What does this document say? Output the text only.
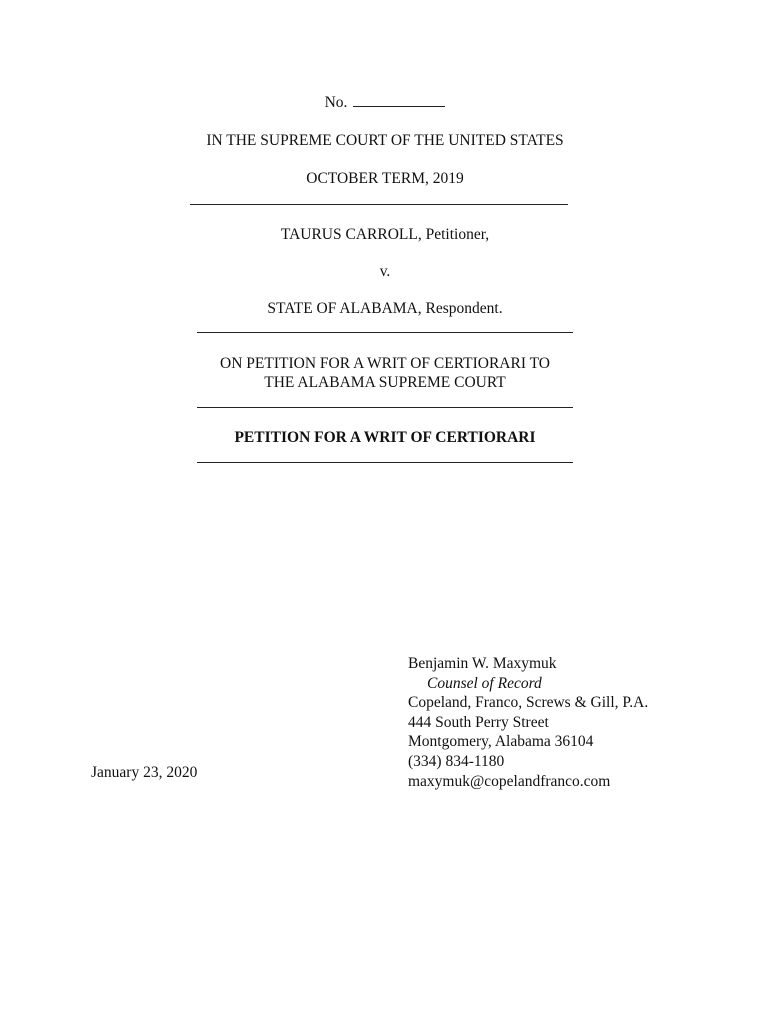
No.
IN THE SUPREME COURT OF THE UNITED STATES
OCTOBER TERM, 2019
TAURUS CARROLL, Petitioner,
v.
STATE OF ALABAMA, Respondent.
ON PETITION FOR A WRIT OF CERTIORARI TO
THE ALABAMA SUPREME COURT
PETITION FOR A WRIT OF CERTIORARI
Benjamin W. Maxymuk
Counsel of Record
Copeland, Franco, Screws & Gill, P.A.
444 South Perry Street
Montgomery, Alabama 36104
(334) 834-1180
maxymuk@copelandfranco.com
January 23, 2020
